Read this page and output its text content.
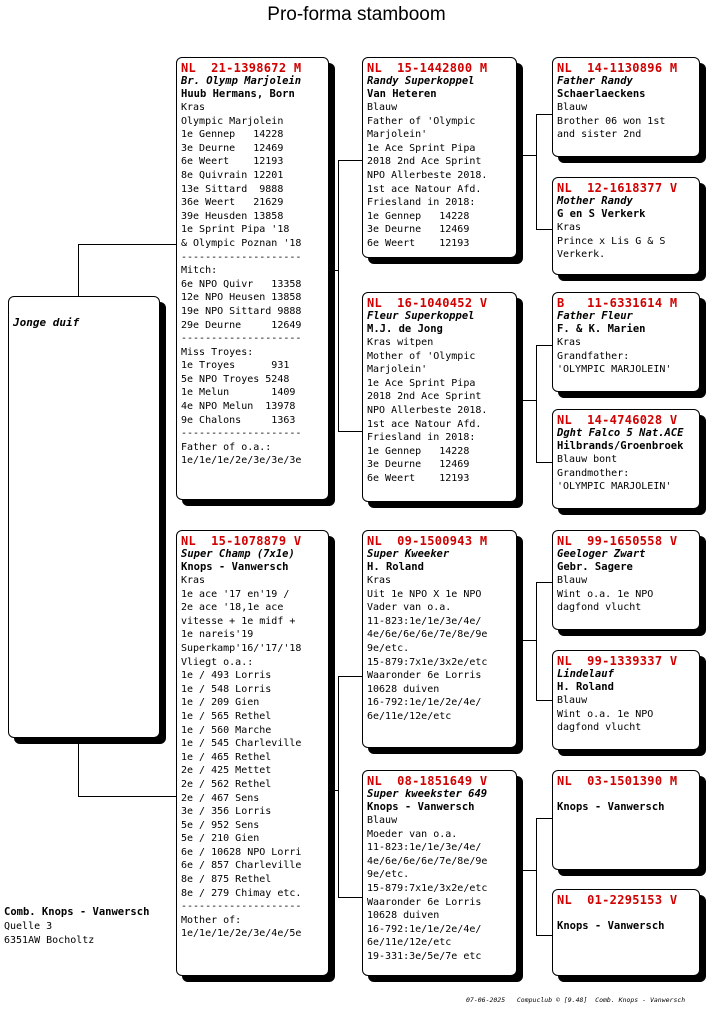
Pro-forma stamboom
Jonge duif
NL  21-1398672 M
Br. Olymp Marjolein
Huub Hermans, Born
Kras
Olympic Marjolein
1e Gennep   14228
3e Deurne   12469
6e Weert    12193
8e Quivrain 12201
13e Sittard  9888
36e Weert   21629
39e Heusden 13858
1e Sprint Pipa '18
& Olympic Poznan '18
--------------------
Mitch:
6e NPO Quivr   13358
12e NPO Heusen 13858
19e NPO Sittard 9888
29e Deurne     12649
--------------------
Miss Troyes:
1e Troyes      931
5e NPO Troyes 5248
1e Melun       1409
4e NPO Melun  13978
9e Chalons     1363
--------------------
Father of o.a.:
1e/1e/1e/2e/3e/3e/3e
NL  15-1078879 V
Super Champ (7x1e)
Knops - Vanwersch
Kras
1e ace '17 en'19 /
2e ace '18,1e ace
vitesse + 1e midf +
1e nareis'19
Superkamp'16/'17/'18
Vliegt o.a.:
1e / 493 Lorris
1e / 548 Lorris
1e / 209 Gien
1e / 565 Rethel
1e / 560 Marche
1e / 545 Charleville
1e / 465 Rethel
2e / 425 Mettet
2e / 562 Rethel
2e / 467 Sens
3e / 356 Lorris
5e / 952 Sens
5e / 210 Gien
6e / 10628 NPO Lorri
6e / 857 Charleville
8e / 875 Rethel
8e / 279 Chimay etc.
--------------------
Mother of:
1e/1e/1e/2e/3e/4e/5e
NL  15-1442800 M
Randy Superkoppel
Van Heteren
Blauw
Father of 'Olympic
Marjolein'
1e Ace Sprint Pipa
2018 2nd Ace Sprint
NPO Allerbeste 2018.
1st ace Natour Afd.
Friesland in 2018:
1e Gennep   14228
3e Deurne   12469
6e Weert    12193
NL  16-1040452 V
Fleur Superkoppel
M.J. de Jong
Kras witpen
Mother of 'Olympic
Marjolein'
1e Ace Sprint Pipa
2018 2nd Ace Sprint
NPO Allerbeste 2018.
1st ace Natour Afd.
Friesland in 2018:
1e Gennep   14228
3e Deurne   12469
6e Weert    12193
NL  09-1500943 M
Super Kweeker
H. Roland
Kras
Uit 1e NPO X 1e NPO
Vader van o.a.
11-823:1e/1e/3e/4e/
4e/6e/6e/6e/7e/8e/9e
9e/etc.
15-879:7x1e/3x2e/etc
Waaronder 6e Lorris
10628 duiven
16-792:1e/1e/2e/4e/
6e/11e/12e/etc
NL  08-1851649 V
Super kweekster 649
Knops - Vanwersch
Blauw
Moeder van o.a.
11-823:1e/1e/3e/4e/
4e/6e/6e/6e/7e/8e/9e
9e/etc.
15-879:7x1e/3x2e/etc
Waaronder 6e Lorris
10628 duiven
16-792:1e/1e/2e/4e/
6e/11e/12e/etc
19-331:3e/5e/7e etc
NL  14-1130896 M
Father Randy
Schaerlaeckens
Blauw
Brother 06 won 1st
and sister 2nd
NL  12-1618377 V
Mother Randy
G en S Verkerk
Kras
Prince x Lis G & S
Verkerk.
B   11-6331614 M
Father Fleur
F. & K. Marien
Kras
Grandfather:
'OLYMPIC MARJOLEIN'
NL  14-4746028 V
Dght Falco 5 Nat.ACE
Hilbrands/Groenbroek
Blauw bont
Grandmother:
'OLYMPIC MARJOLEIN'
NL  99-1650558 V
Geeloger Zwart
Gebr. Sagere
Blauw
Wint o.a. 1e NPO
dagfond vlucht
NL  99-1339337 V
Lindelauf
H. Roland
Blauw
Wint o.a. 1e NPO
dagfond vlucht
NL  03-1501390 M
Knops - Vanwersch
NL  01-2295153 V
Knops - Vanwersch
Comb. Knops - Vanwersch
Quelle 3
6351AW Bocholtz
07-06-2025 Compuclub © [9.48] Comb. Knops - Vanwersch
